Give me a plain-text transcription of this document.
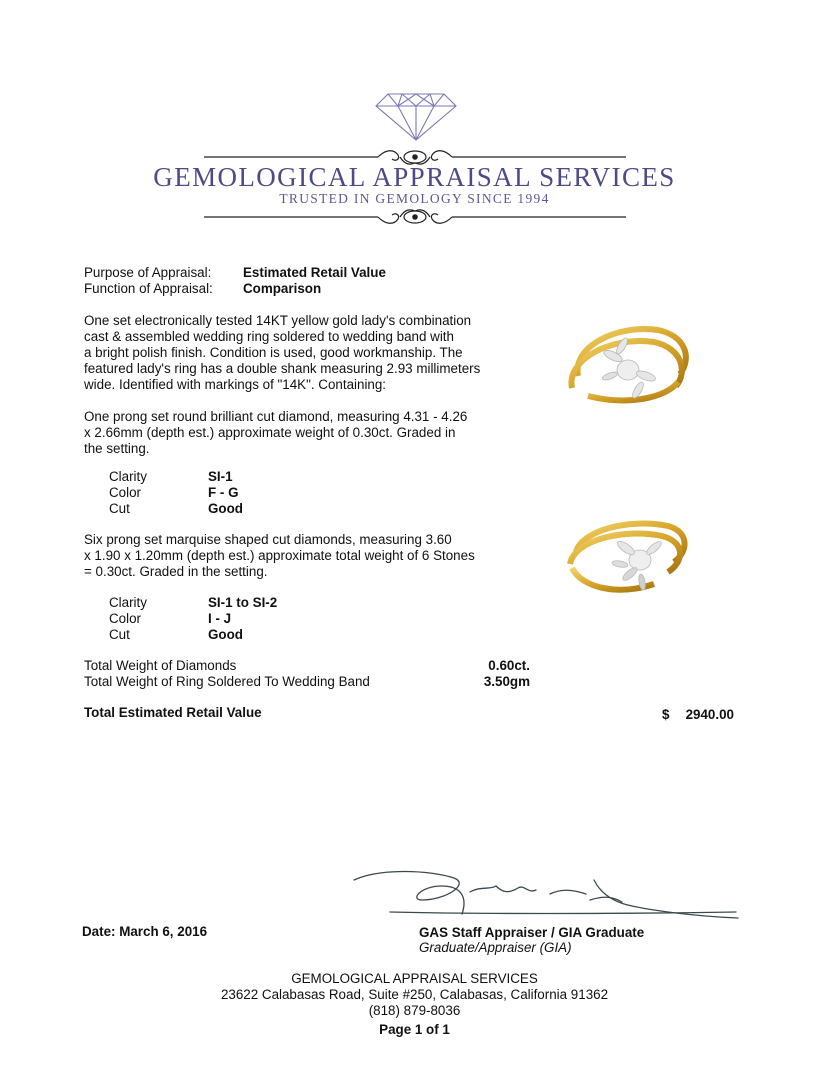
GEMOLOGICAL APPRAISAL SERVICES
TRUSTED IN GEMOLOGY SINCE 1994
Purpose of Appraisal: Estimated Retail Value
Function of Appraisal: Comparison
One set electronically tested 14KT yellow gold lady's combination
cast & assembled wedding ring soldered to wedding band with
a bright polish finish. Condition is used, good workmanship. The
featured lady's ring has a double shank measuring 2.93 millimeters
wide. Identified with markings of "14K". Containing:
One prong set round brilliant cut diamond, measuring 4.31 - 4.26
x 2.66mm (depth est.) approximate weight of 0.30ct. Graded in
the setting.
Clarity	SI-1
Color	F - G
Cut	Good
Six prong set marquise shaped cut diamonds, measuring 3.60
x 1.90 x 1.20mm (depth est.) approximate total weight of 6 Stones
= 0.30ct. Graded in the setting.
Clarity	SI-1 to SI-2
Color	I - J
Cut	Good
Total Weight of Diamonds	0.60ct.
Total Weight of Ring Soldered To Wedding Band	3.50gm
Total Estimated Retail Value	$	2940.00
Date: March 6, 2016	GAS Staff Appraiser / GIA Graduate
Graduate/Appraiser (GIA)
GEMOLOGICAL APPRAISAL SERVICES
23622 Calabasas Road, Suite #250, Calabasas, California 91362
(818) 879-8036
Page 1 of 1
